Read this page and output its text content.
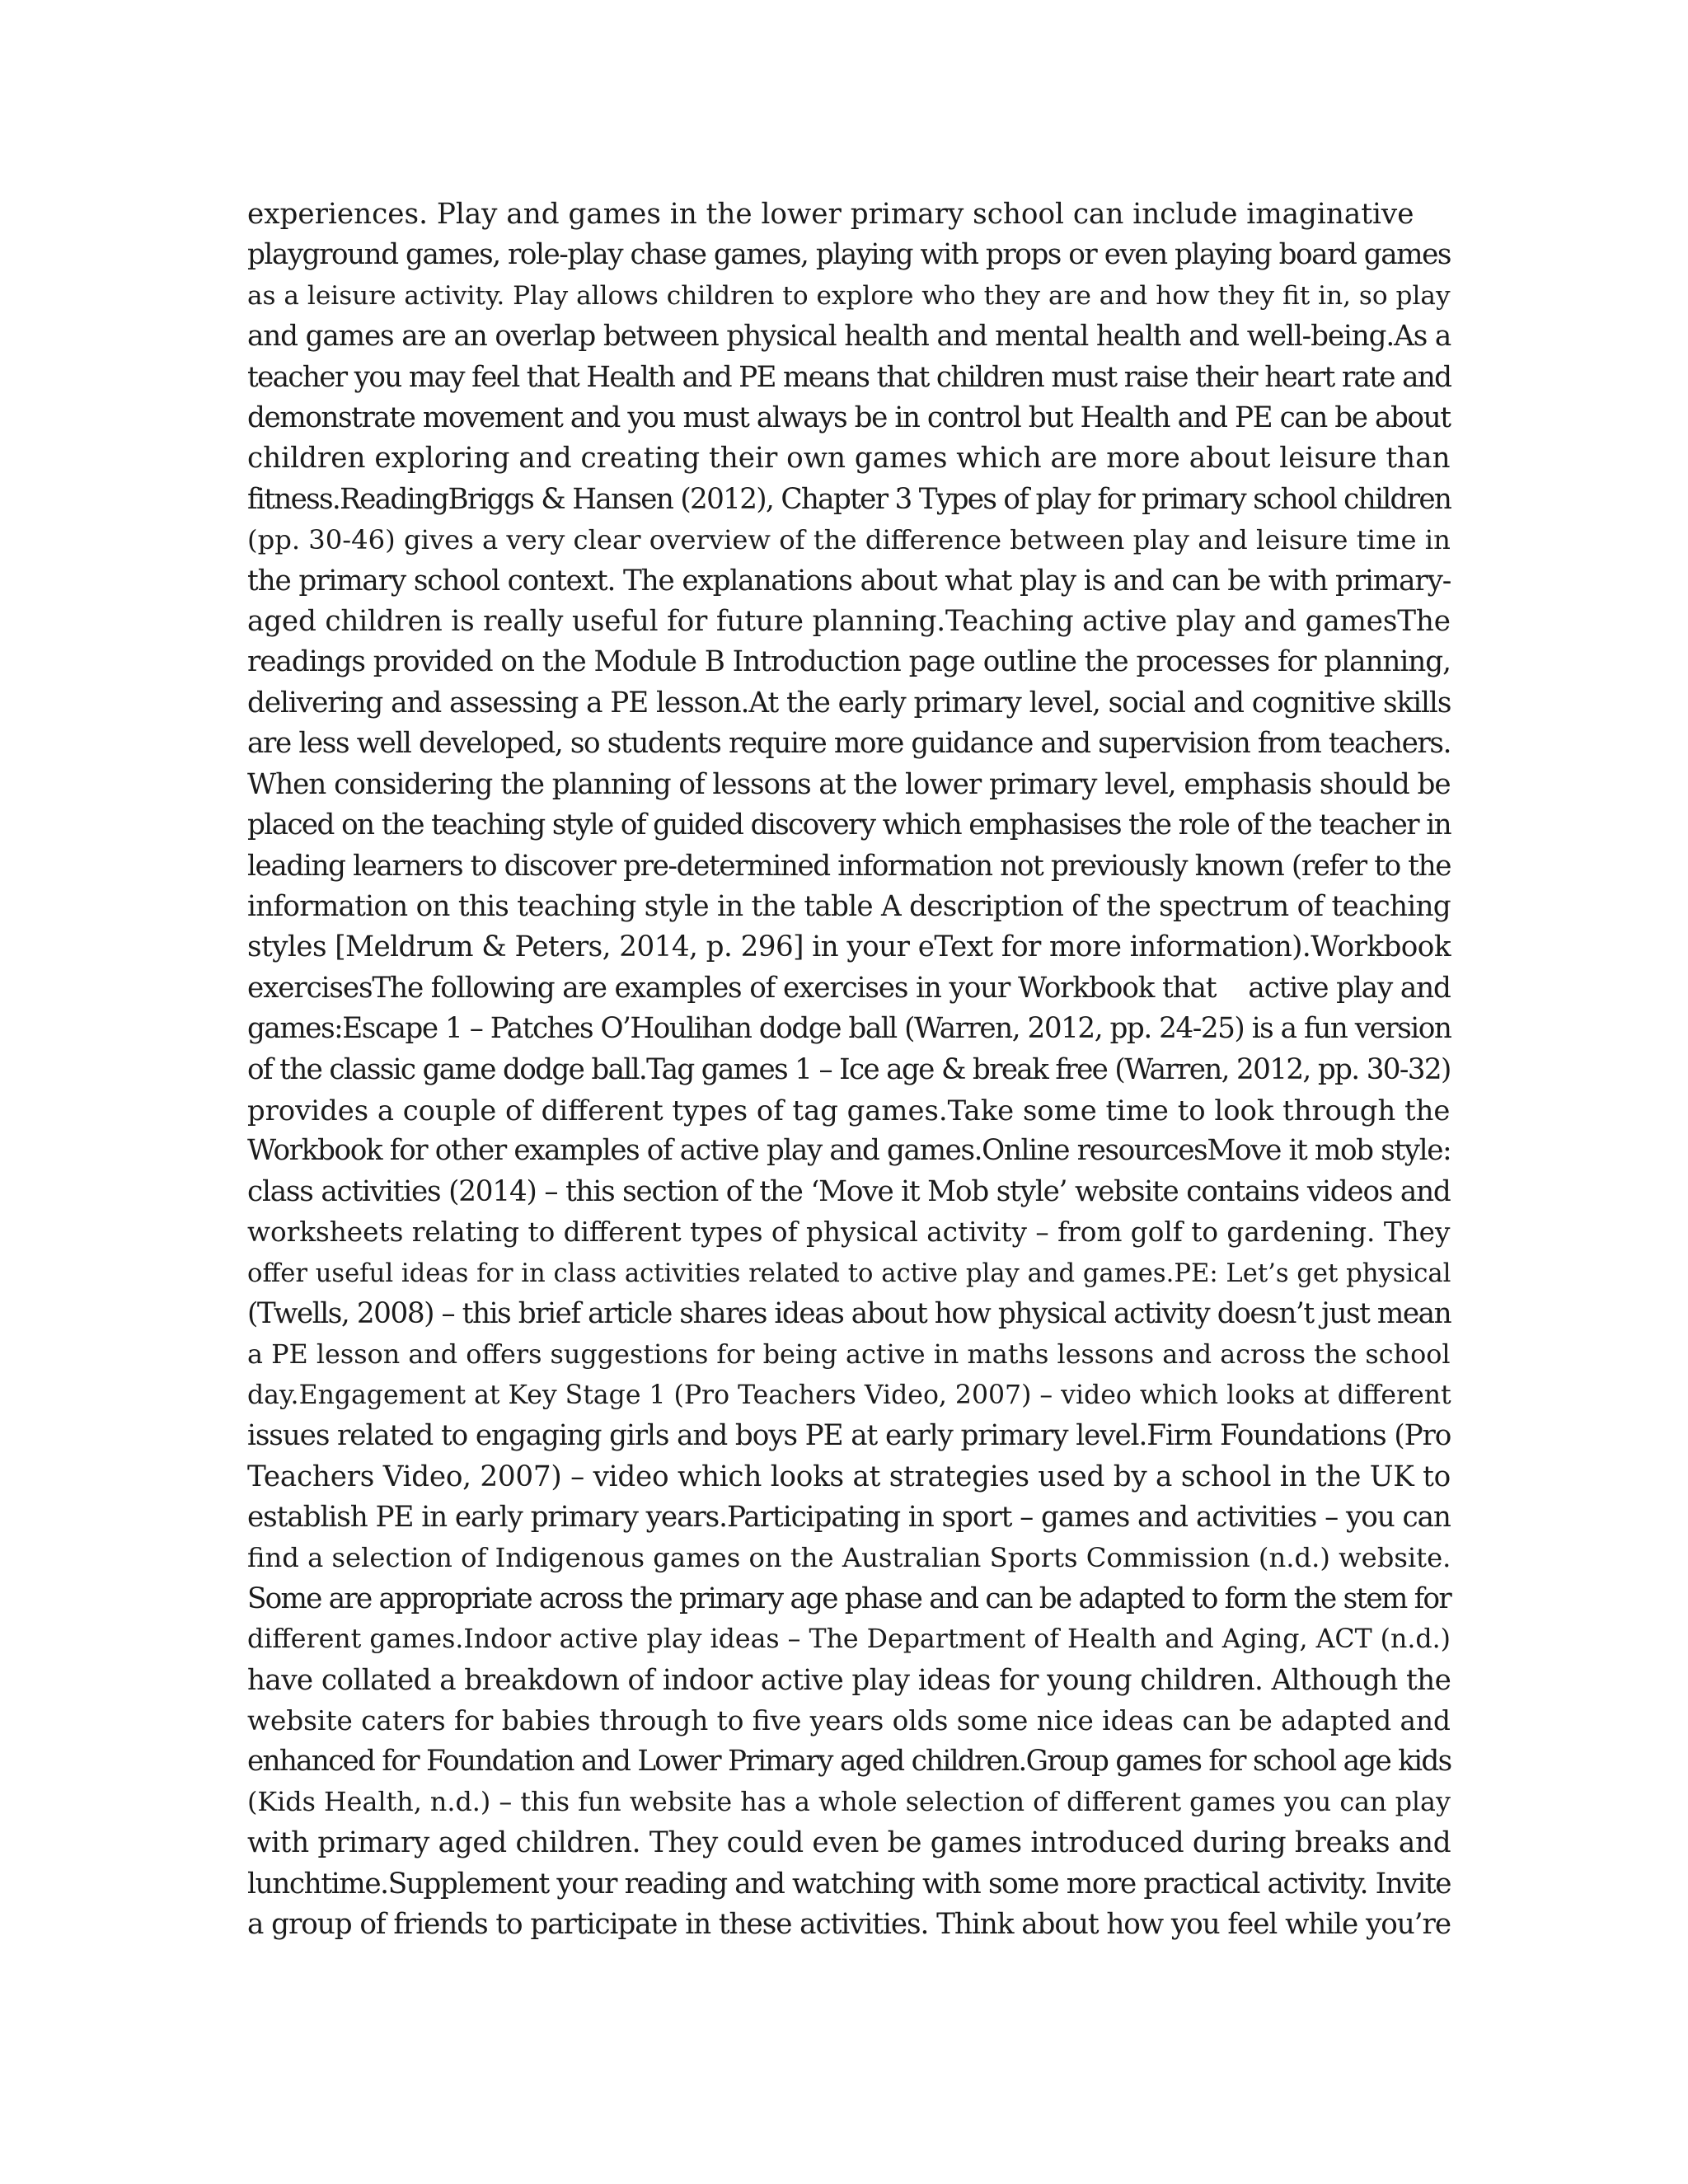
experiences. Play and games in the lower primary school can include imaginative
playground games, role-play chase games, playing with props or even playing board games
as a leisure activity. Play allows children to explore who they are and how they fit in, so play
and games are an overlap between physical health and mental health and well-being.As a
teacher you may feel that Health and PE means that children must raise their heart rate and
demonstrate movement and you must always be in control but Health and PE can be about
children exploring and creating their own games which are more about leisure than
fitness.ReadingBriggs & Hansen (2012), Chapter 3 Types of play for primary school children
(pp. 30-46) gives a very clear overview of the difference between play and leisure time in
the primary school context. The explanations about what play is and can be with primary-
aged children is really useful for future planning.Teaching active play and gamesThe
readings provided on the Module B Introduction page outline the processes for planning,
delivering and assessing a PE lesson.At the early primary level, social and cognitive skills
are less well developed, so students require more guidance and supervision from teachers.
When considering the planning of lessons at the lower primary level, emphasis should be
placed on the teaching style of guided discovery which emphasises the role of the teacher in
leading learners to discover pre-determined information not previously known (refer to the
information on this teaching style in the table A description of the spectrum of teaching
styles [Meldrum & Peters, 2014, p. 296] in your eText for more information).Workbook
exercisesThe following are examples of exercises in your Workbook that    active play and
games:Escape 1 – Patches O’Houlihan dodge ball (Warren, 2012, pp. 24-25) is a fun version
of the classic game dodge ball.Tag games 1 – Ice age & break free (Warren, 2012, pp. 30-32)
provides a couple of different types of tag games.Take some time to look through the
Workbook for other examples of active play and games.Online resourcesMove it mob style:
class activities (2014) – this section of the ‘Move it Mob style’ website contains videos and
worksheets relating to different types of physical activity – from golf to gardening. They
offer useful ideas for in class activities related to active play and games.PE: Let’s get physical
(Twells, 2008) – this brief article shares ideas about how physical activity doesn’t just mean
a PE lesson and offers suggestions for being active in maths lessons and across the school
day.Engagement at Key Stage 1 (Pro Teachers Video, 2007) – video which looks at different
issues related to engaging girls and boys PE at early primary level.Firm Foundations (Pro
Teachers Video, 2007) – video which looks at strategies used by a school in the UK to
establish PE in early primary years.Participating in sport – games and activities – you can
find a selection of Indigenous games on the Australian Sports Commission (n.d.) website.
Some are appropriate across the primary age phase and can be adapted to form the stem for
different games.Indoor active play ideas – The Department of Health and Aging, ACT (n.d.)
have collated a breakdown of indoor active play ideas for young children. Although the
website caters for babies through to five years olds some nice ideas can be adapted and
enhanced for Foundation and Lower Primary aged children.Group games for school age kids
(Kids Health, n.d.) – this fun website has a whole selection of different games you can play
with primary aged children. They could even be games introduced during breaks and
lunchtime.Supplement your reading and watching with some more practical activity. Invite
a group of friends to participate in these activities. Think about how you feel while you’re
